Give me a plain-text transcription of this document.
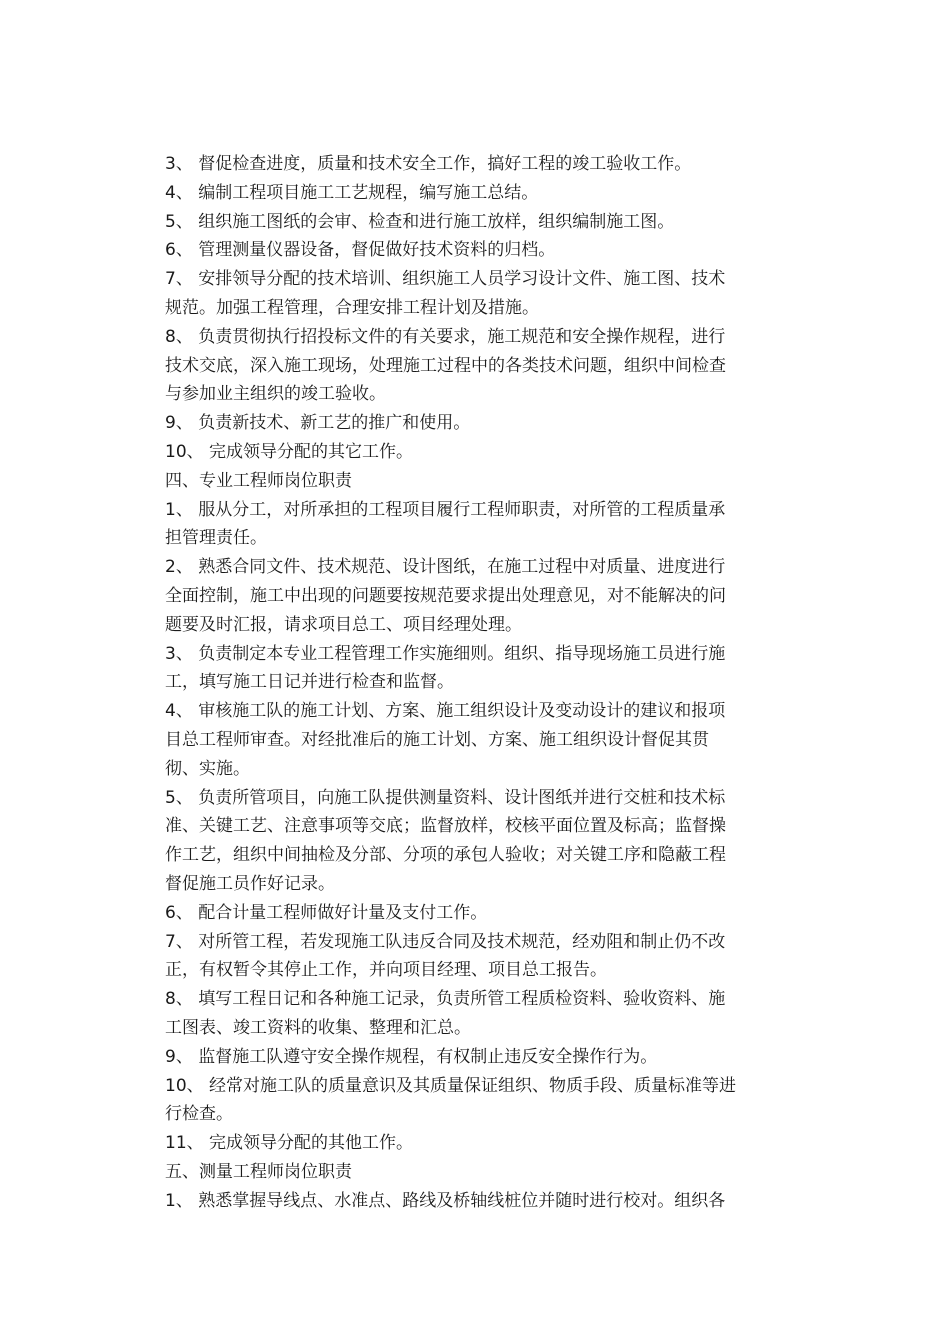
3、 督促检查进度，质量和技术安全工作，搞好工程的竣工验收工作。
4、 编制工程项目施工工艺规程，编写施工总结。
5、 组织施工图纸的会审、检查和进行施工放样，组织编制施工图。
6、 管理测量仪器设备，督促做好技术资料的归档。
7、 安排领导分配的技术培训、组织施工人员学习设计文件、施工图、技术
规范。加强工程管理，合理安排工程计划及措施。
8、 负责贯彻执行招投标文件的有关要求，施工规范和安全操作规程，进行
技术交底，深入施工现场，处理施工过程中的各类技术问题，组织中间检查
与参加业主组织的竣工验收。
9、 负责新技术、新工艺的推广和使用。
10、 完成领导分配的其它工作。
四、专业工程师岗位职责
1、 服从分工，对所承担的工程项目履行工程师职责，对所管的工程质量承
担管理责任。
2、 熟悉合同文件、技术规范、设计图纸，在施工过程中对质量、进度进行
全面控制，施工中出现的问题要按规范要求提出处理意见，对不能解决的问
题要及时汇报，请求项目总工、项目经理处理。
3、 负责制定本专业工程管理工作实施细则。组织、指导现场施工员进行施
工，填写施工日记并进行检查和监督。
4、 审核施工队的施工计划、方案、施工组织设计及变动设计的建议和报项
目总工程师审查。对经批准后的施工计划、方案、施工组织设计督促其贯
彻、实施。
5、 负责所管项目，向施工队提供测量资料、设计图纸并进行交桩和技术标
准、关键工艺、注意事项等交底；监督放样，校核平面位置及标高；监督操
作工艺，组织中间抽检及分部、分项的承包人验收；对关键工序和隐蔽工程
督促施工员作好记录。
6、 配合计量工程师做好计量及支付工作。
7、 对所管工程，若发现施工队违反合同及技术规范，经劝阻和制止仍不改
正，有权暂令其停止工作，并向项目经理、项目总工报告。
8、 填写工程日记和各种施工记录，负责所管工程质检资料、验收资料、施
工图表、竣工资料的收集、整理和汇总。
9、 监督施工队遵守安全操作规程，有权制止违反安全操作行为。
10、 经常对施工队的质量意识及其质量保证组织、物质手段、质量标准等进
行检查。
11、 完成领导分配的其他工作。
五、测量工程师岗位职责
1、 熟悉掌握导线点、水准点、路线及桥轴线桩位并随时进行校对。组织各
